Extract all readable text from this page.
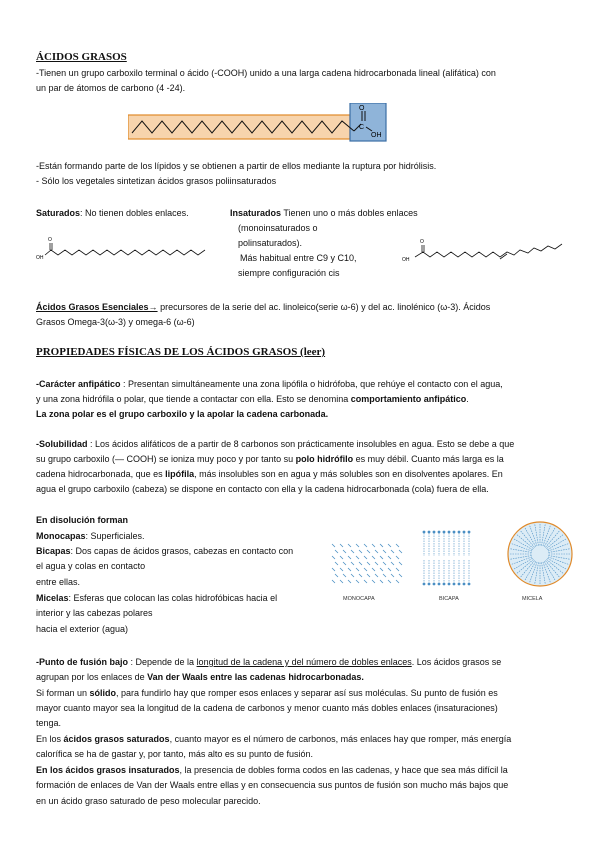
ÁCIDOS GRASOS
-Tienen un grupo carboxilo terminal o ácido (-COOH) unido a una larga cadena hidrocarbonada lineal (alifática) con
un par de átomos de carbono (4 -24).
O
C
OH
-Están formando parte de los lípidos y se obtienen a partir de ellos mediante la ruptura por hidrólisis.
- Sólo los vegetales sintetizan ácidos grasos poliinsaturados
Saturados: No tienen dobles enlaces.	Insaturados Tienen uno o más dobles enlaces
(monoinsaturados o
polinsaturados).
Más habitual entre C9 y C10,
siempre configuración cis
O
OH
O
OH
Ácidos Grasos Esenciales→ precursores de la serie del ac. linoleico(serie ω-6) y del ac. linolénico (ω-3). Ácidos
Grasos Omega-3(ω-3) y omega-6 (ω-6)
PROPIEDADES FÍSICAS DE LOS ÁCIDOS GRASOS (leer)
-Carácter anfipático : Presentan simultáneamente una zona lipófila o hidrófoba, que rehúye el contacto con el agua,
y una zona hidrófila o polar, que tiende a contactar con ella. Esto se denomina comportamiento anfipático.
La zona polar es el grupo carboxilo y la apolar la cadena carbonada.
-Solubilidad : Los ácidos alifáticos de a partir de 8 carbonos son prácticamente insolubles en agua. Esto se debe a que
su grupo carboxilo (— COOH) se ioniza muy poco y por tanto su polo hidrófilo es muy débil. Cuanto más larga es la
cadena hidrocarbonada, que es lipófila, más insolubles son en agua y más solubles son en disolventes apolares. En
agua el grupo carboxilo (cabeza) se dispone en contacto con ella y la cadena hidrocarbonada (cola) fuera de ella.
En disolución forman
Monocapas: Superficiales.
Bicapas: Dos capas de ácidos grasos, cabezas en contacto con
el agua y colas en contacto
entre ellas.
Micelas: Esferas que colocan las colas hidrofóbicas hacia el
interior y las cabezas polares
hacia el exterior (agua)
MONOCAPA	BICAPA	MICELA
-Punto de fusión bajo : Depende de la longitud de la cadena y del número de dobles enlaces. Los ácidos grasos se
agrupan por los enlaces de Van der Waals entre las cadenas hidrocarbonadas.
Si forman un sólido, para fundirlo hay que romper esos enlaces y separar así sus moléculas. Su punto de fusión es
mayor cuanto mayor sea la longitud de la cadena de carbonos y menor cuanto más dobles enlaces (insaturaciones)
tenga.
En los ácidos grasos saturados, cuanto mayor es el número de carbonos, más enlaces hay que romper, más energía
calorífica se ha de gastar y, por tanto, más alto es su punto de fusión.
En los ácidos grasos insaturados, la presencia de dobles forma codos en las cadenas, y hace que sea más difícil la
formación de enlaces de Van der Waals entre ellas y en consecuencia sus puntos de fusión son mucho más bajos que
en un ácido graso saturado de peso molecular parecido.
